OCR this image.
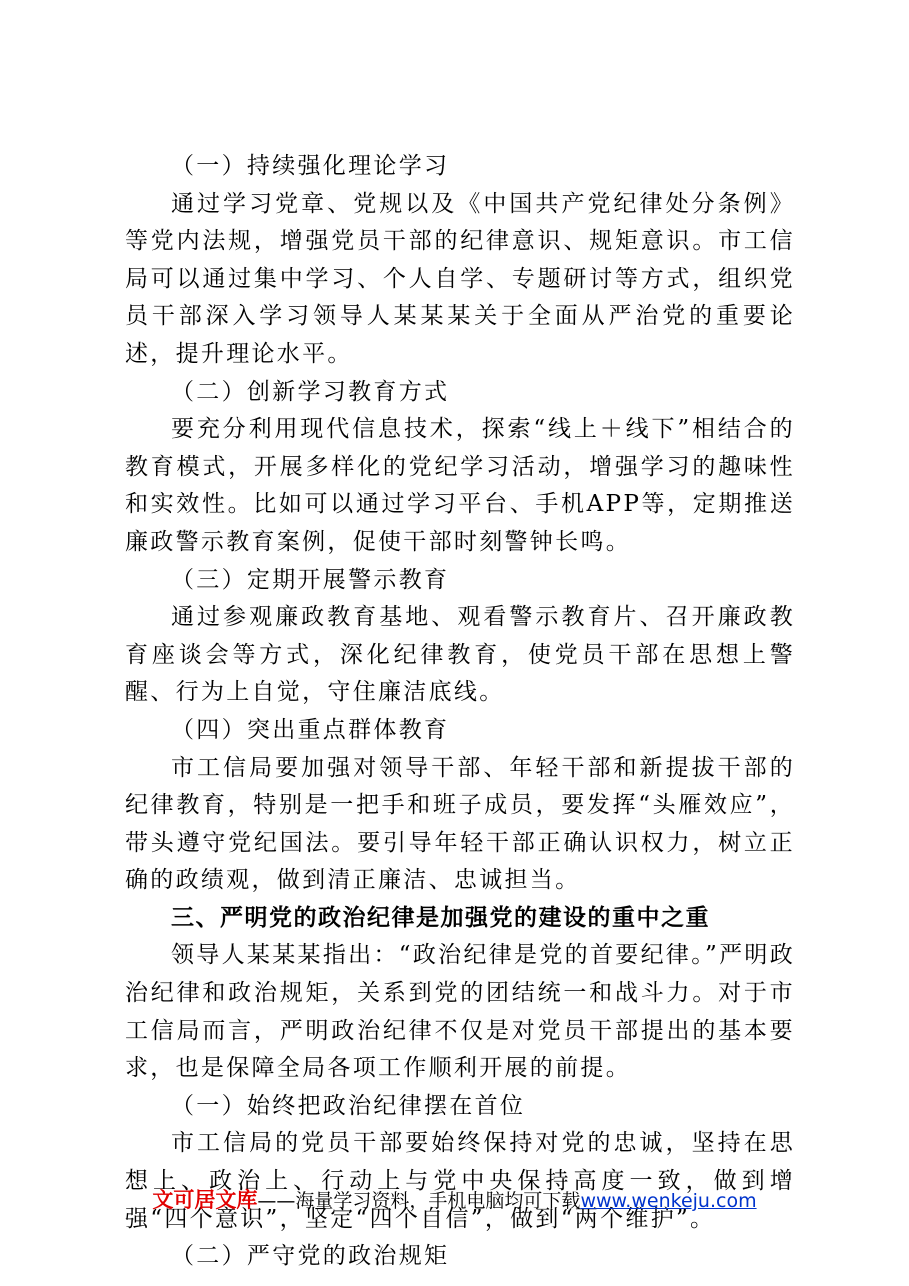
（一）持续强化理论学习

通过学习党章、党规以及《中国共产党纪律处分条例》等党内法规，增强党员干部的纪律意识、规矩意识。市工信局可以通过集中学习、个人自学、专题研讨等方式，组织党员干部深入学习领导人某某某关于全面从严治党的重要论述，提升理论水平。

（二）创新学习教育方式

要充分利用现代信息技术，探索“线上＋线下”相结合的教育模式，开展多样化的党纪学习活动，增强学习的趣味性和实效性。比如可以通过学习平台、手机APP等，定期推送廉政警示教育案例，促使干部时刻警钟长鸣。

（三）定期开展警示教育

通过参观廉政教育基地、观看警示教育片、召开廉政教育座谈会等方式，深化纪律教育，使党员干部在思想上警醒、行为上自觉，守住廉洁底线。

（四）突出重点群体教育

市工信局要加强对领导干部、年轻干部和新提拔干部的纪律教育，特别是一把手和班子成员，要发挥“头雁效应”，带头遵守党纪国法。要引导年轻干部正确认识权力，树立正确的政绩观，做到清正廉洁、忠诚担当。

三、严明党的政治纪律是加强党的建设的重中之重

领导人某某某指出：“政治纪律是党的首要纪律。”严明政治纪律和政治规矩，关系到党的团结统一和战斗力。对于市工信局而言，严明政治纪律不仅是对党员干部提出的基本要求，也是保障全局各项工作顺利开展的前提。

（一）始终把政治纪律摆在首位

市工信局的党员干部要始终保持对党的忠诚，坚持在思想上、政治上、行动上与党中央保持高度一致，做到增强“四个意识”，坚定“四个自信”，做到“两个维护”。

（二）严守党的政治规矩

文可居文库——海量学习资料，手机电脑均可下载www.wenkeju.com
